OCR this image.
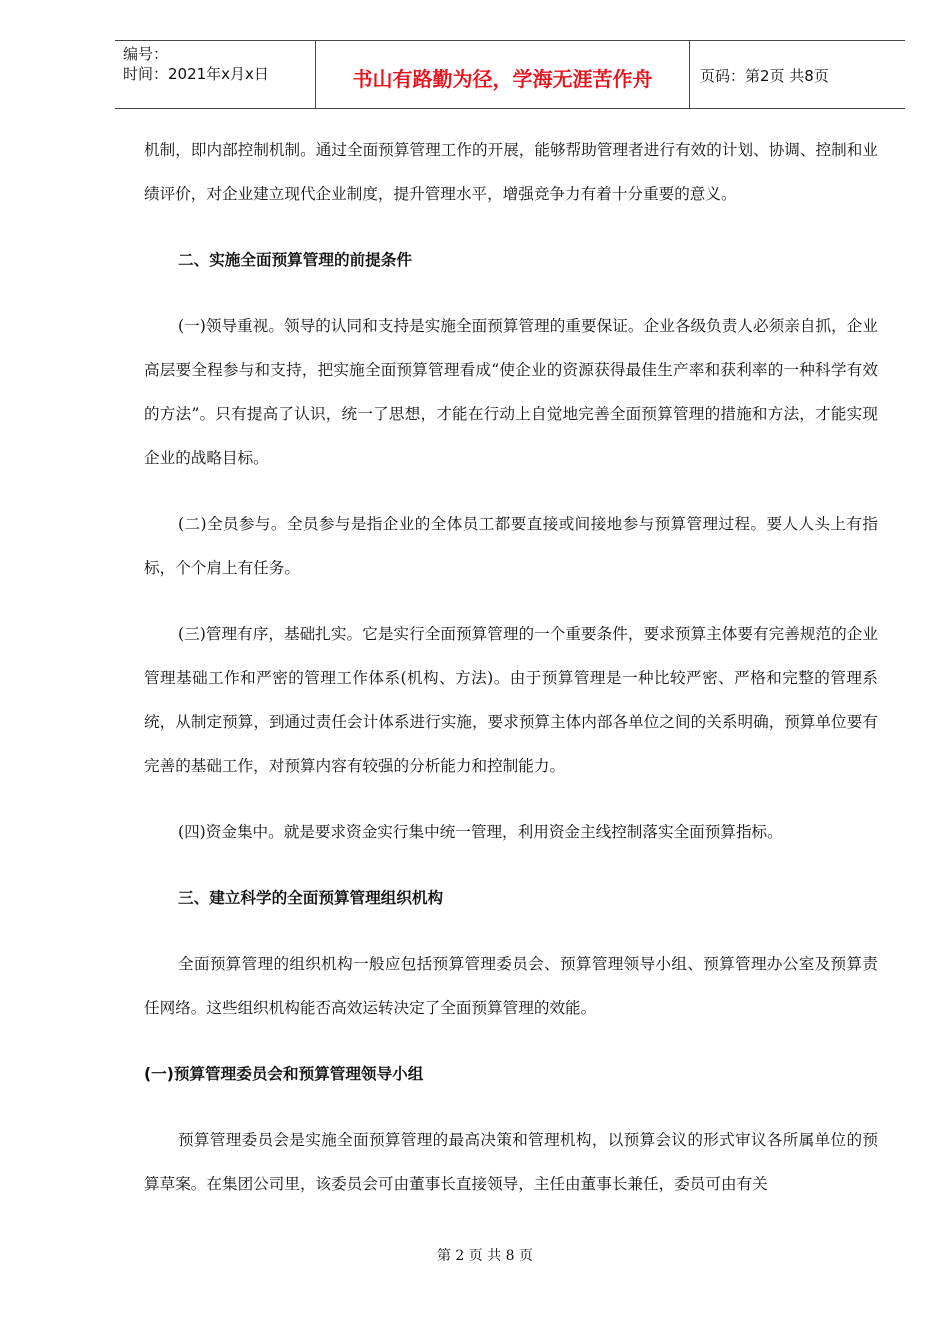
编号：
时间：2021年x月x日	书山有路勤为径，学海无涯苦作舟	页码：第2页 共8页

机制，即内部控制机制。通过全面预算管理工作的开展，能够帮助管理者进行有效的计划、协调、控制和业绩评价，对企业建立现代企业制度，提升管理水平，增强竞争力有着十分重要的意义。

二、实施全面预算管理的前提条件

(一)领导重视。领导的认同和支持是实施全面预算管理的重要保证。企业各级负责人必须亲自抓，企业高层要全程参与和支持，把实施全面预算管理看成“使企业的资源获得最佳生产率和获利率的一种科学有效的方法”。只有提高了认识，统一了思想，才能在行动上自觉地完善全面预算管理的措施和方法，才能实现企业的战略目标。

(二)全员参与。全员参与是指企业的全体员工都要直接或间接地参与预算管理过程。要人人头上有指标，个个肩上有任务。

(三)管理有序，基础扎实。它是实行全面预算管理的一个重要条件，要求预算主体要有完善规范的企业管理基础工作和严密的管理工作体系(机构、方法)。由于预算管理是一种比较严密、严格和完整的管理系统，从制定预算，到通过责任会计体系进行实施，要求预算主体内部各单位之间的关系明确，预算单位要有完善的基础工作，对预算内容有较强的分析能力和控制能力。

(四)资金集中。就是要求资金实行集中统一管理，利用资金主线控制落实全面预算指标。

三、建立科学的全面预算管理组织机构

全面预算管理的组织机构一般应包括预算管理委员会、预算管理领导小组、预算管理办公室及预算责任网络。这些组织机构能否高效运转决定了全面预算管理的效能。

(一)预算管理委员会和预算管理领导小组

预算管理委员会是实施全面预算管理的最高决策和管理机构，以预算会议的形式审议各所属单位的预算草案。在集团公司里，该委员会可由董事长直接领导，主任由董事长兼任，委员可由有关

第 2 页 共 8 页
